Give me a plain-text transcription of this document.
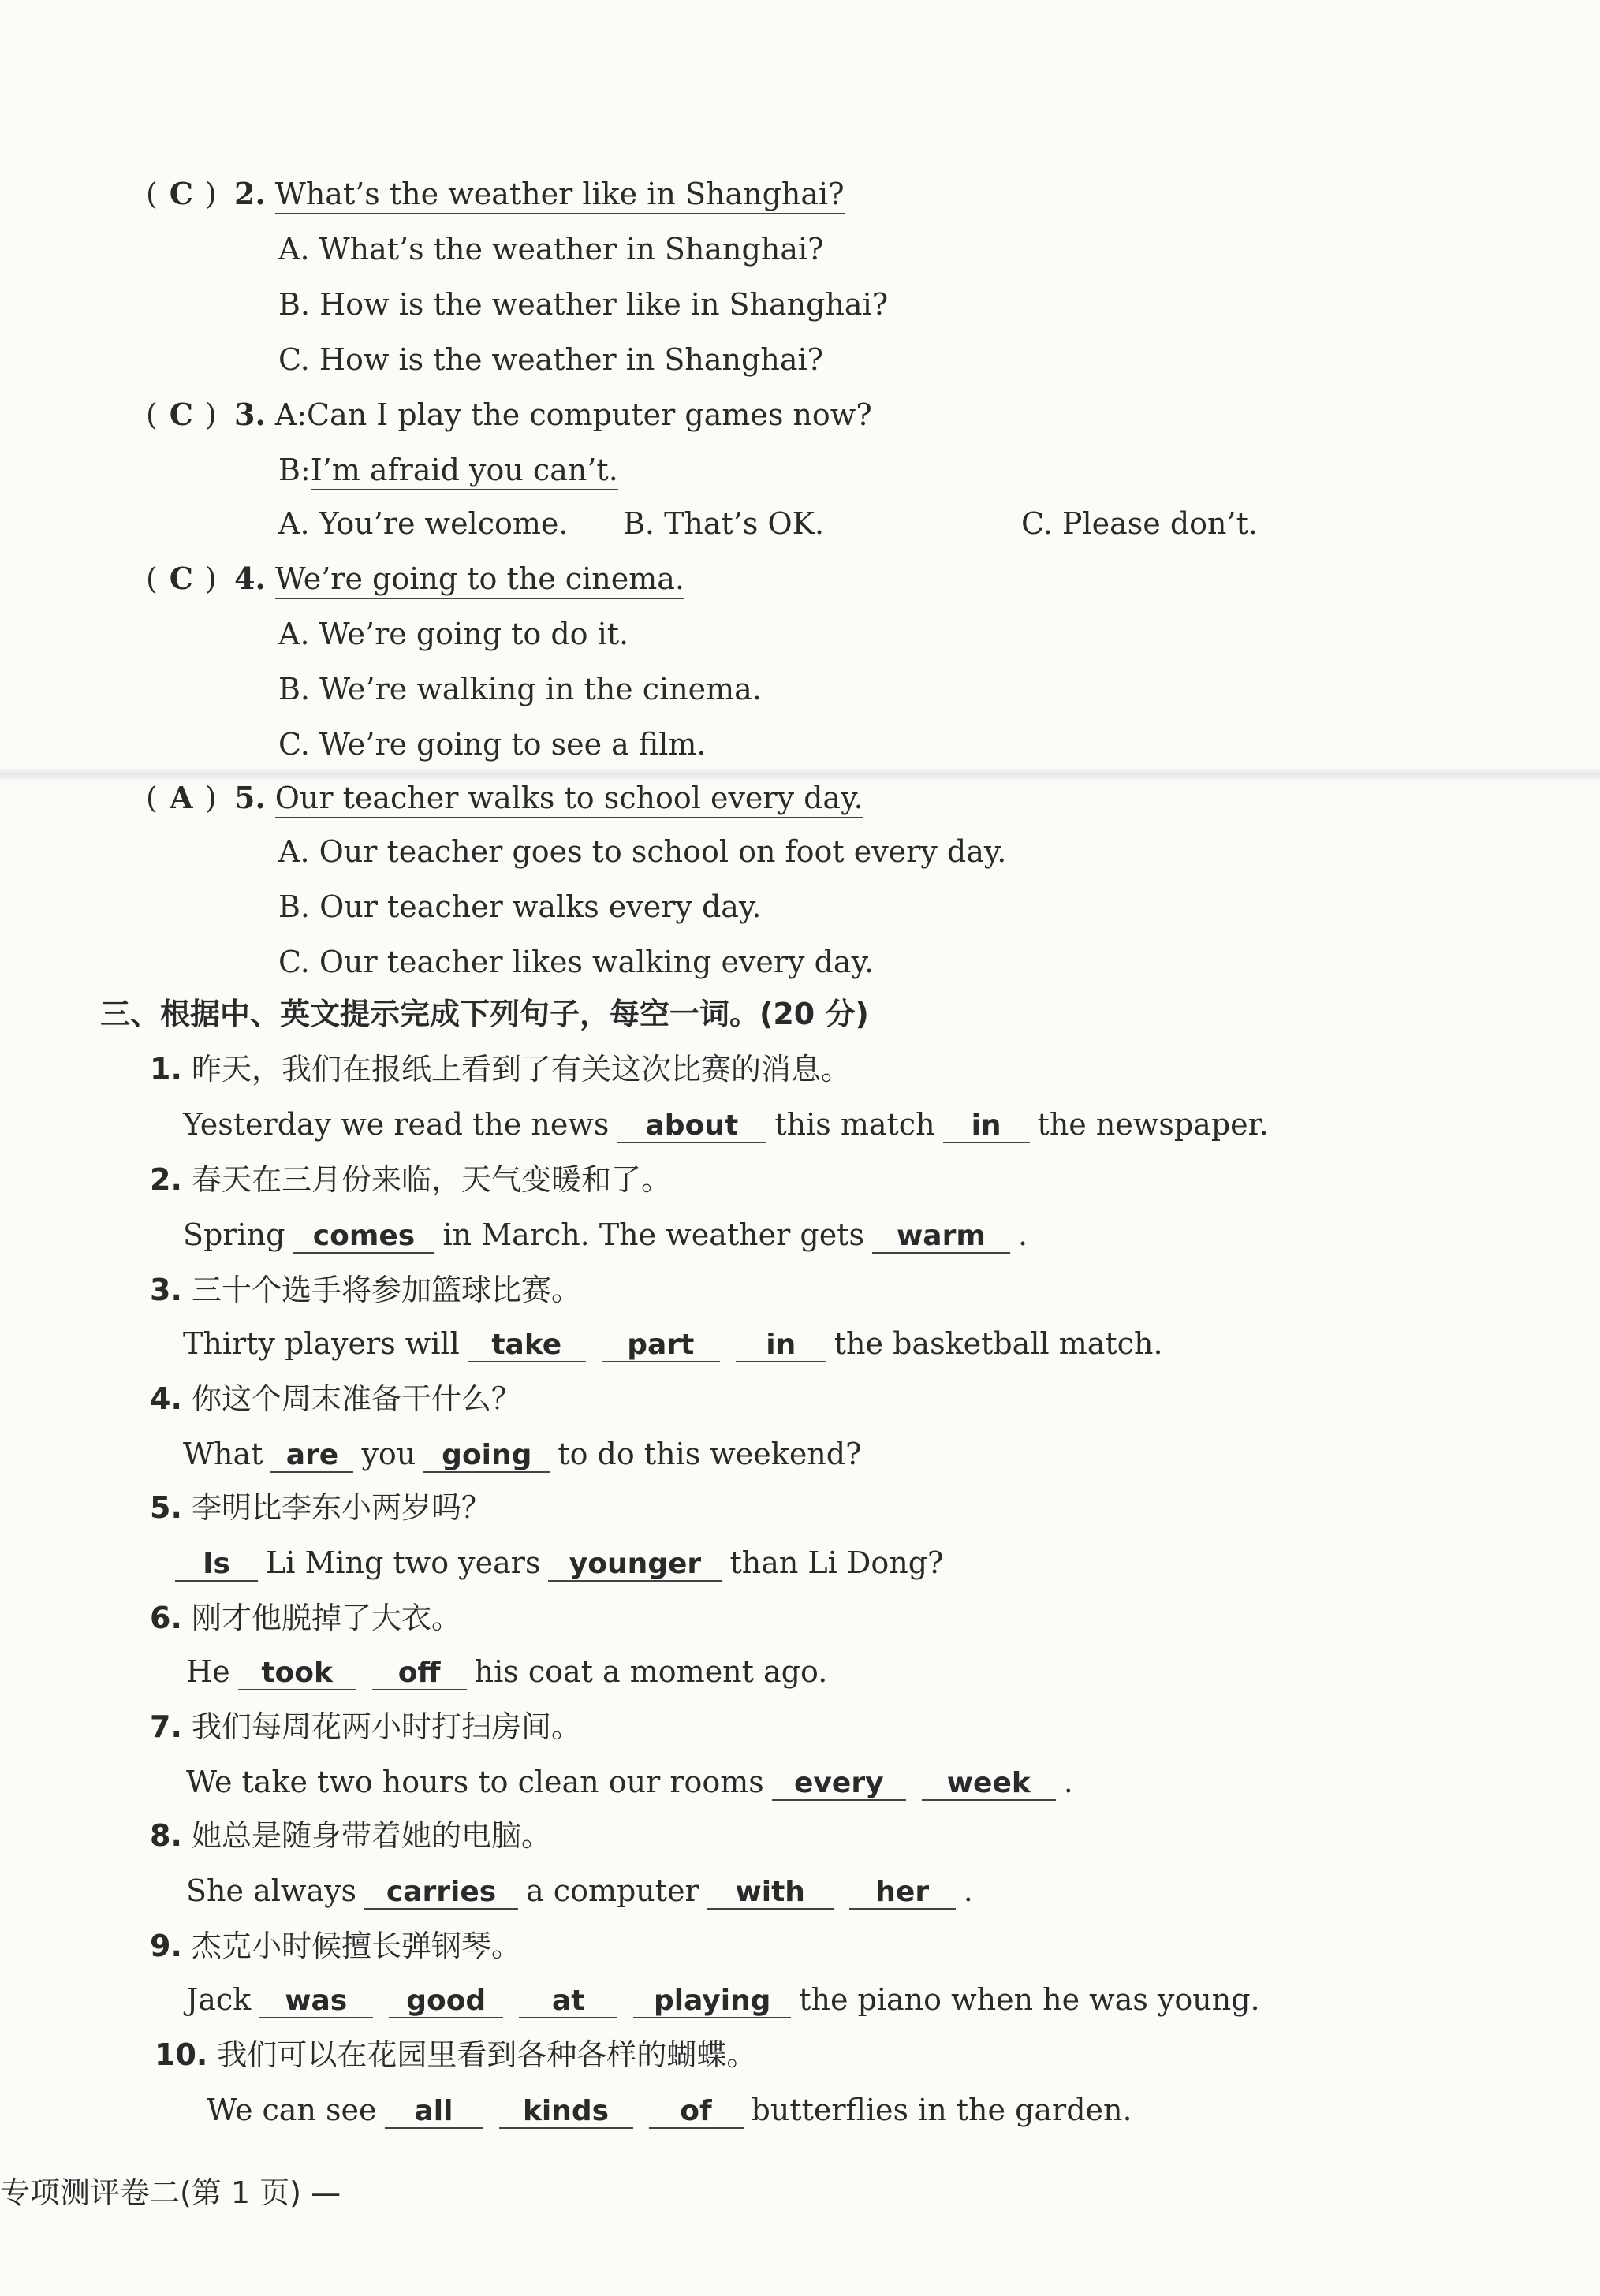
( C ) 2. What’s the weather like in Shanghai?
A. What’s the weather in Shanghai?
B. How is the weather like in Shanghai?
C. How is the weather in Shanghai?
( C ) 3. A:Can I play the computer games now?
B:I’m afraid you can’t.
A. You’re welcome. B. That’s OK.	C. Please don’t.
( C ) 4. We’re going to the cinema.
A. We’re going to do it.
B. We’re walking in the cinema.
C. We’re going to see a film.
( A ) 5. Our teacher walks to school every day.
A. Our teacher goes to school on foot every day.
B. Our teacher walks every day.
C. Our teacher likes walking every day.
三、根据中、英文提示完成下列句子，每空一词。(20 分)
1. 昨天，我们在报纸上看到了有关这次比赛的消息。
Yesterday we read the news about this match in the newspaper.
2. 春天在三月份来临，天气变暖和了。
Spring comes in March. The weather gets warm .
3. 三十个选手将参加篮球比赛。
Thirty players will take part	in the basketball match.
4. 你这个周末准备干什么？
What are you going to do this weekend?
5. 李明比李东小两岁吗？
Is Li Ming two years younger than Li Dong?
6. 刚才他脱掉了大衣。
He took off his coat a moment ago.
7. 我们每周花两小时打扫房间。
We take two hours to clean our rooms every week .
8. 她总是随身带着她的电脑。
She always carries a computer with her .
9. 杰克小时候擅长弹钢琴。
Jack was good at playing the piano when he was young.
10. 我们可以在花园里看到各种各样的蝴蝶。
We can see all kinds	of butterflies in the garden.
专项测评卷二(第 1 页) —
